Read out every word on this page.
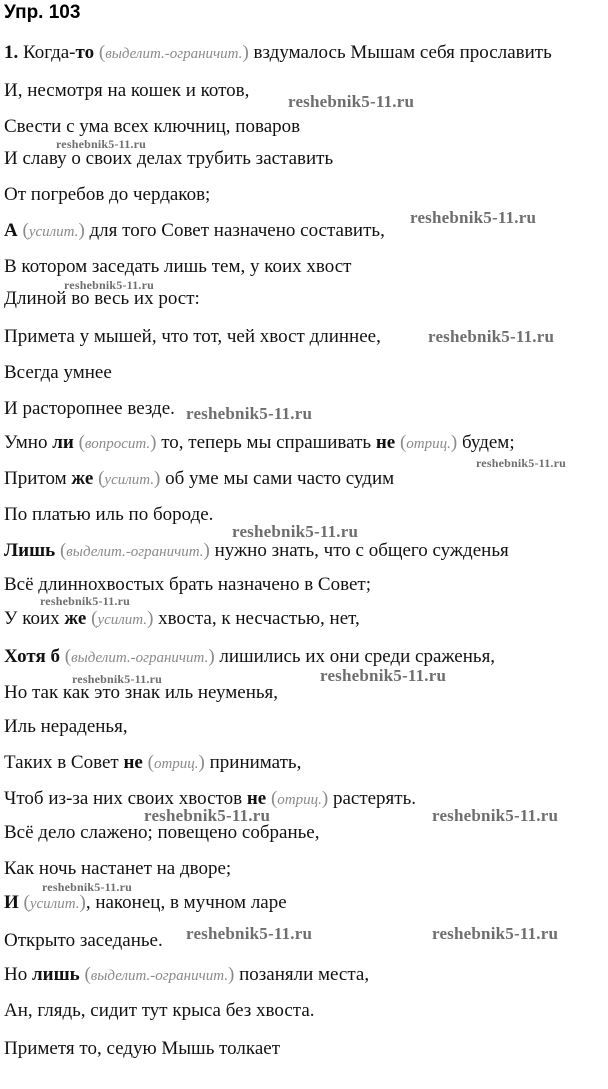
Упр. 103
1. Когда-то (выделит.-ограничит.) вздумалось Мышам себя прославить
И, несмотря на кошек и котов,
Свести с ума всех ключниц, поваров
И славу о своих делах трубить заставить
От погребов до чердаков;
А (усилит.) для того Совет назначено составить,
В котором заседать лишь тем, у коих хвост
Длиной во весь их рост:
Примета у мышей, что тот, чей хвост длиннее,
Всегда умнее
И расторопнее везде.
Умно ли (вопросит.) то, теперь мы спрашивать не (отриц.) будем;
Притом же (усилит.) об уме мы сами часто судим
По платью иль по бороде.
Лишь (выделит.-ограничит.) нужно знать, что с общего сужденья
Всё длиннохвостых брать назначено в Совет;
У коих же (усилит.) хвоста, к несчастью, нет,
Хотя б (выделит.-ограничит.) лишились их они среди сраженья,
Но так как это знак иль неуменья,
Иль нераденья,
Таких в Совет не (отриц.) принимать,
Чтоб из-за них своих хвостов не (отриц.) растерять.
Всё дело слажено; повещено собранье,
Как ночь настанет на дворе;
И (усилит.), наконец, в мучном ларе
Открыто заседанье.
Но лишь (выделит.-ограничит.) позаняли места,
Ан, глядь, сидит тут крыса без хвоста.
Приметя то, седую Мышь толкает
reshebnik5-11.ru
reshebnik5-11.ru
reshebnik5-11.ru
reshebnik5-11.ru
reshebnik5-11.ru
reshebnik5-11.ru
reshebnik5-11.ru
reshebnik5-11.ru
reshebnik5-11.ru
reshebnik5-11.ru	reshebnik5-11.ru
reshebnik5-11.ru	reshebnik5-11.ru
reshebnik5-11.ru
reshebnik5-11.ru	reshebnik5-11.ru
